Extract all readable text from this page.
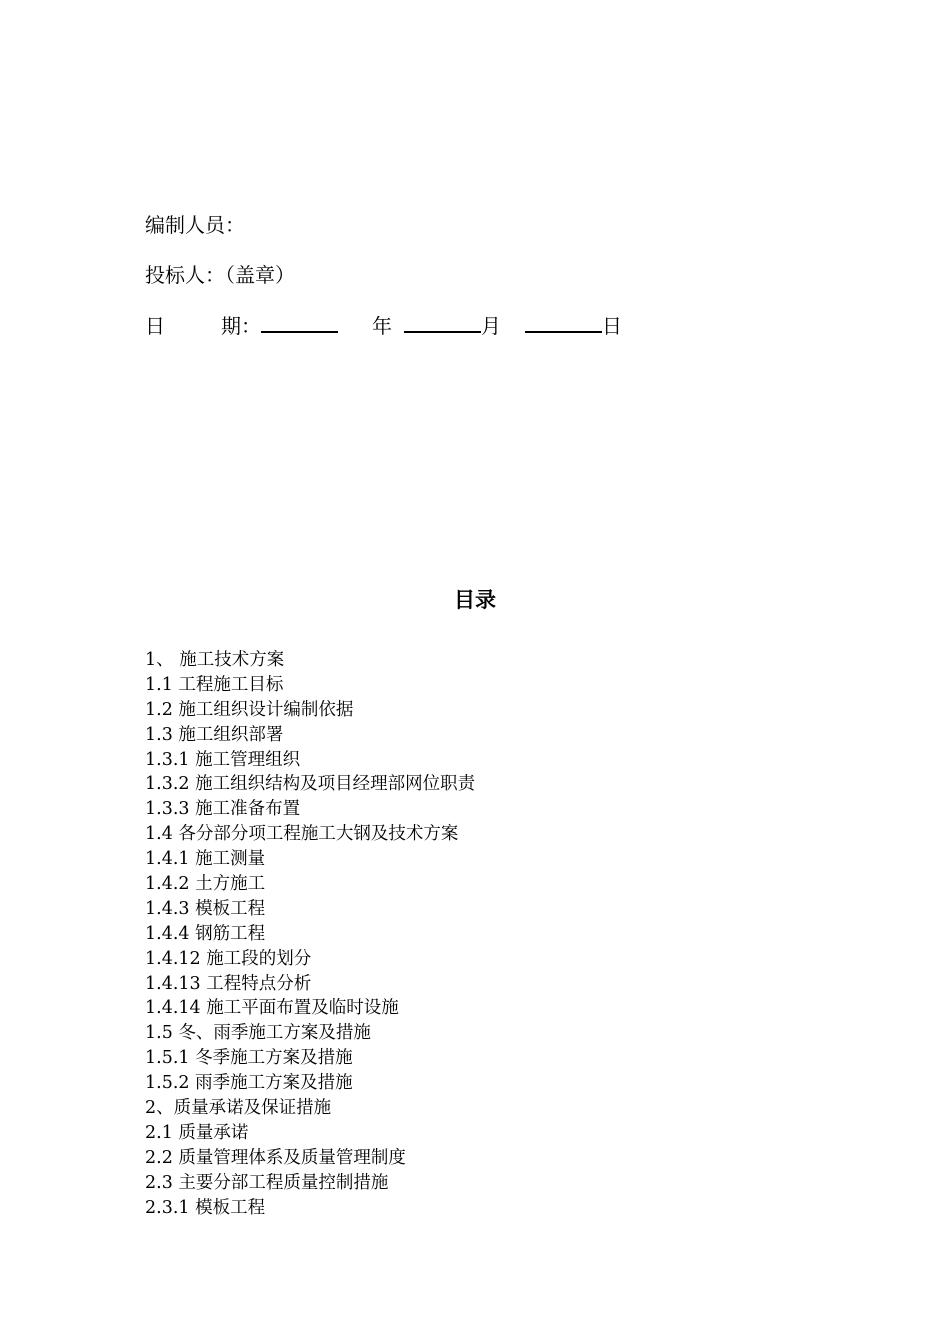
编制人员：
投标人：（盖章）
日	期：	年	月	日
目录
1、 施工技术方案
1.1 工程施工目标
1.2 施工组织设计编制依据
1.3 施工组织部署
1.3.1 施工管理组织
1.3.2 施工组织结构及项目经理部网位职责
1.3.3 施工准备布置
1.4 各分部分项工程施工大钢及技术方案
1.4.1 施工测量
1.4.2 土方施工
1.4.3 模板工程
1.4.4 钢筋工程
1.4.12 施工段的划分
1.4.13 工程特点分析
1.4.14 施工平面布置及临时设施
1.5 冬、雨季施工方案及措施
1.5.1 冬季施工方案及措施
1.5.2 雨季施工方案及措施
2、质量承诺及保证措施
2.1 质量承诺
2.2 质量管理体系及质量管理制度
2.3 主要分部工程质量控制措施
2.3.1 模板工程
